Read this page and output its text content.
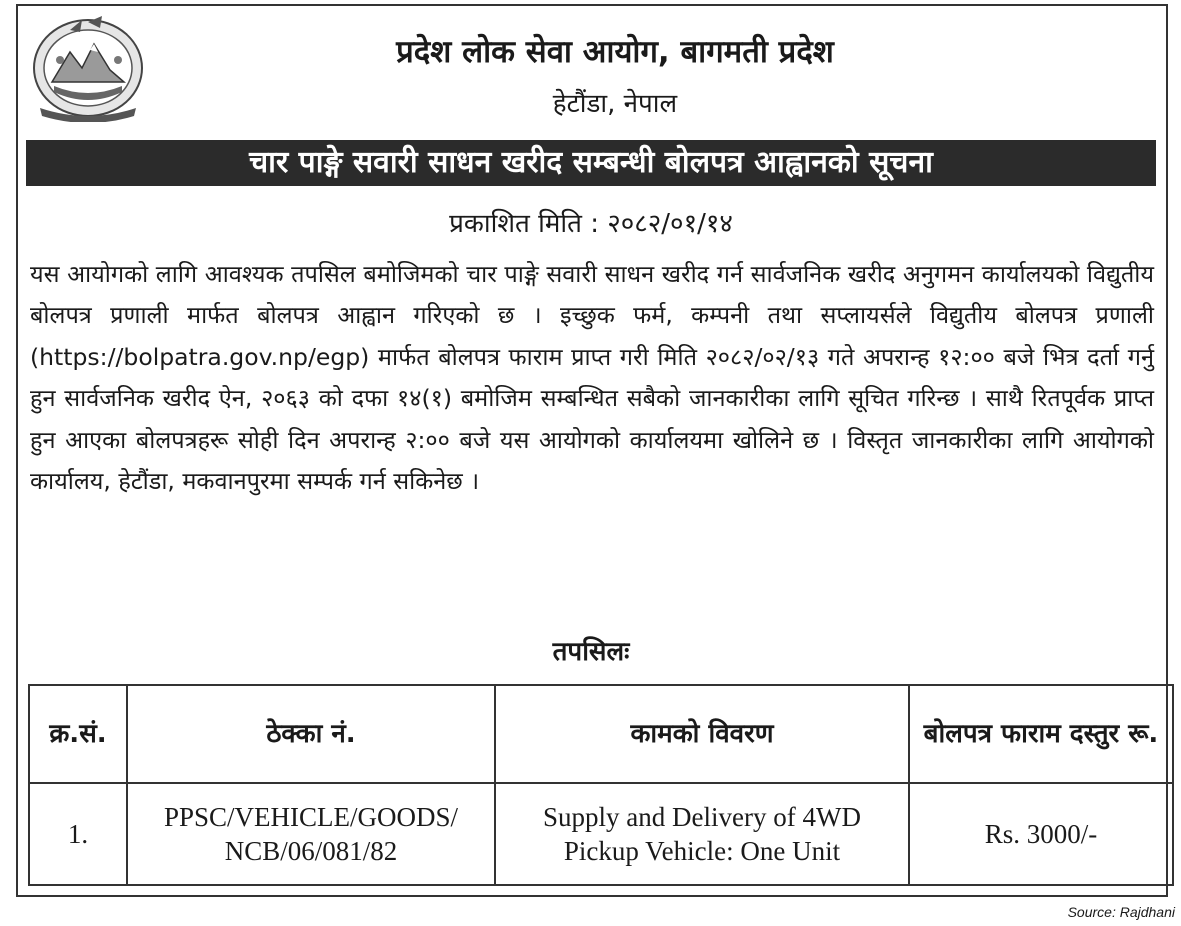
प्रदेश लोक सेवा आयोग, बागमती प्रदेश
हेटौंडा, नेपाल
चार पाङ्गे सवारी साधन खरीद सम्बन्धी बोलपत्र आह्वानको सूचना
प्रकाशित मिति : २०८२/०१/१४

यस आयोगको लागि आवश्यक तपसिल बमोजिमको चार पाङ्गे सवारी साधन खरीद गर्न सार्वजनिक खरीद अनुगमन कार्यालयको विद्युतीय बोलपत्र प्रणाली मार्फत बोलपत्र आह्वान गरिएको छ । इच्छुक फर्म, कम्पनी तथा सप्लायर्सले विद्युतीय बोलपत्र प्रणाली (https://bolpatra.gov.np/egp) मार्फत बोलपत्र फाराम प्राप्त गरी मिति २०८२/०२/१३ गते अपरान्ह १२:०० बजे भित्र दर्ता गर्नु हुन सार्वजनिक खरीद ऐन, २०६३ को दफा १४(१) बमोजिम सम्बन्धित सबैको जानकारीका लागि सूचित गरिन्छ । साथै रितपूर्वक प्राप्त हुन आएका बोलपत्रहरू सोही दिन अपरान्ह २:०० बजे यस आयोगको कार्यालयमा खोलिने छ । विस्तृत जानकारीका लागि आयोगको कार्यालय, हेटौंडा, मकवानपुरमा सम्पर्क गर्न सकिनेछ ।

तपसिलः
क्र.सं.	ठेक्का नं.	कामको विवरण	बोलपत्र फाराम दस्तुर रू.
1.	PPSC/VEHICLE/GOODS/ NCB/06/081/82	Supply and Delivery of 4WD Pickup Vehicle: One Unit	Rs. 3000/-
Source: Rajdhani
